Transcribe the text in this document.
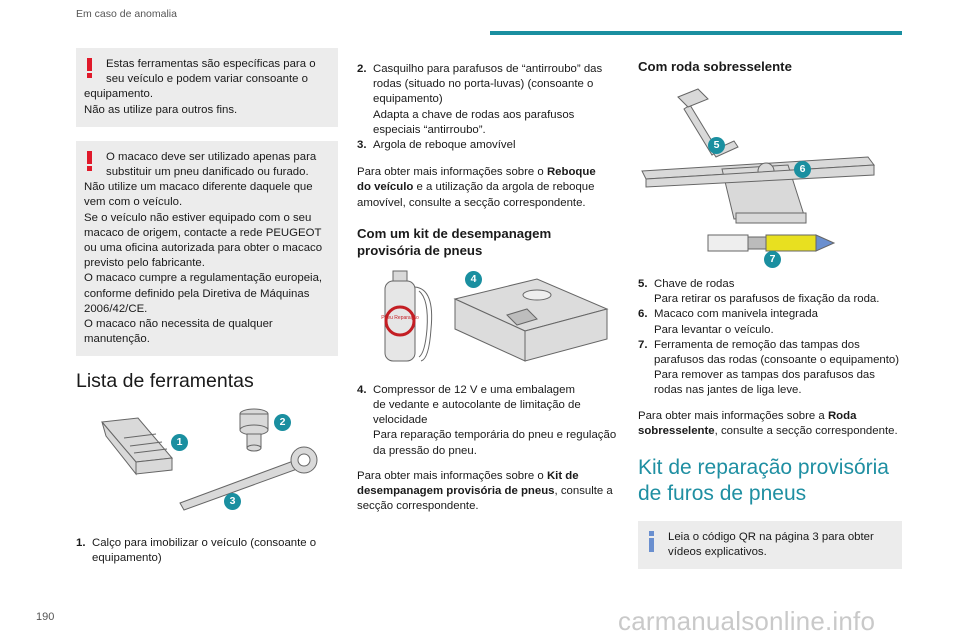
Em caso de anomalia
Estas ferramentas são específicas para o
seu veículo e podem variar consoante o
equipamento.
Não as utilize para outros fins.
O macaco deve ser utilizado apenas para
substituir um pneu danificado ou furado.
Não utilize um macaco diferente daquele que
vem com o veículo.
Se o veículo não estiver equipado com o seu
macaco de origem, contacte a rede PEUGEOT
ou uma oficina autorizada para obter o macaco
previsto pelo fabricante.
O macaco cumpre a regulamentação europeia,
conforme definido pela Diretiva de Máquinas
2006/42/CE.
O macaco não necessita de qualquer
manutenção.
Lista de ferramentas
1
2
3
1. Calço para imobilizar o veículo (consoante o
equipamento)
2. Casquilho para parafusos de “antirroubo” das
rodas (situado no porta-luvas) (consoante o
equipamento)
Adapta a chave de rodas aos parafusos
especiais “antirroubo”.
3. Argola de reboque amovível

Para obter mais informações sobre o Reboque
do veículo e a utilização da argola de reboque
amovível, consulte a secção correspondente.

Com um kit de desempanagem
provisória de pneus
Pneu Reparação
4
4. Compressor de 12 V e uma embalagem
de vedante e autocolante de limitação de
velocidade
Para reparação temporária do pneu e regulação
da pressão do pneu.

Para obter mais informações sobre o Kit de
desempanagem provisória de pneus, consulte a
secção correspondente.

Com roda sobresselente
5
6
7
5. Chave de rodas
Para retirar os parafusos de fixação da roda.
6. Macaco com manivela integrada
Para levantar o veículo.
7. Ferramenta de remoção das tampas dos
parafusos das rodas (consoante o equipamento)
Para remover as tampas dos parafusos das
rodas nas jantes de liga leve.

Para obter mais informações sobre a Roda
sobresselente, consulte a secção correspondente.

Kit de reparação provisória
de furos de pneus
Leia o código QR na página 3 para obter
vídeos explicativos.
190	carmanualsonline.info
